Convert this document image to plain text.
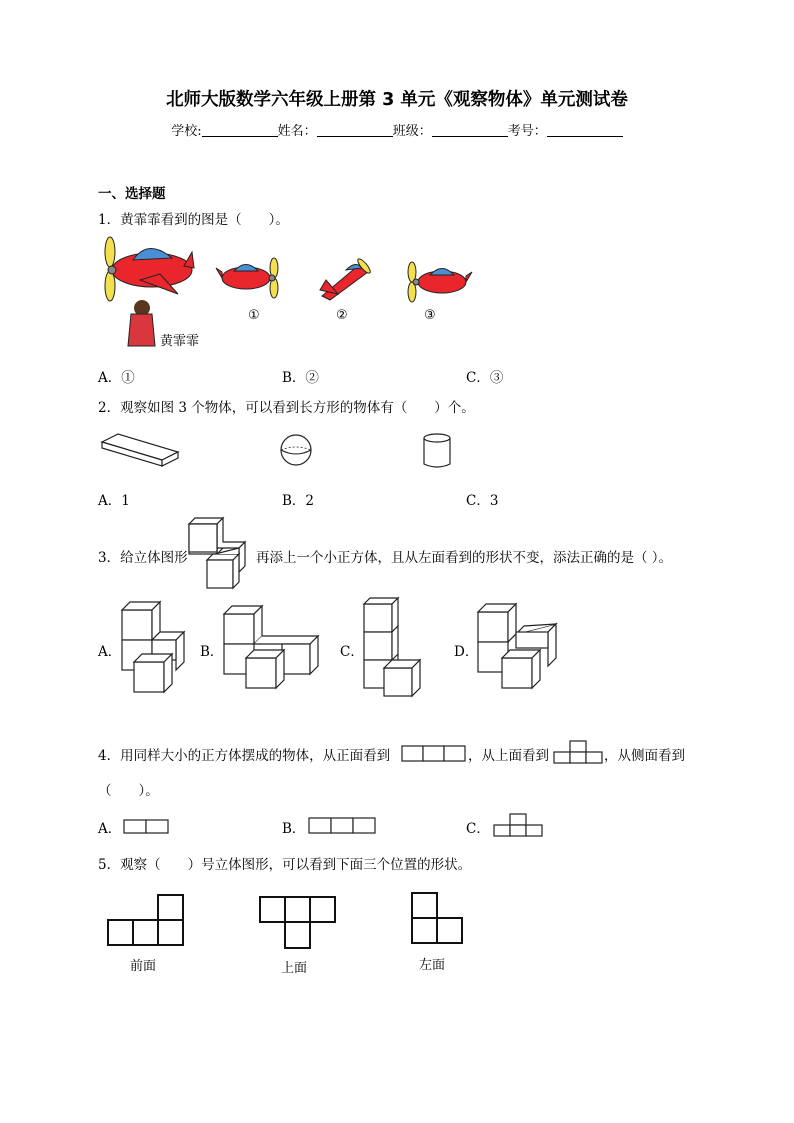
北师大版数学六年级上册第 3 单元《观察物体》单元测试卷
学校:	姓名：	班级：	考号：
一、选择题
1．黄霏霏看到的图是（　　）。
黄霏霏
①	②	③
A．①	B．②	C．③
2．观察如图 3 个物体，可以看到长方形的物体有（　　）个。
A．1	B．2	C．3
3．给立体图形	再添上一个小正方体，且从左面看到的形状不变，添法正确的是（ ）。
A．	B．	C．	D．
4．用同样大小的正方体摆成的物体，从正面看到	，从上面看到	，从侧面看到
（　　）。
A．	B．	C．
5．观察（　　）号立体图形，可以看到下面三个位置的形状。
前面	上面	左面
